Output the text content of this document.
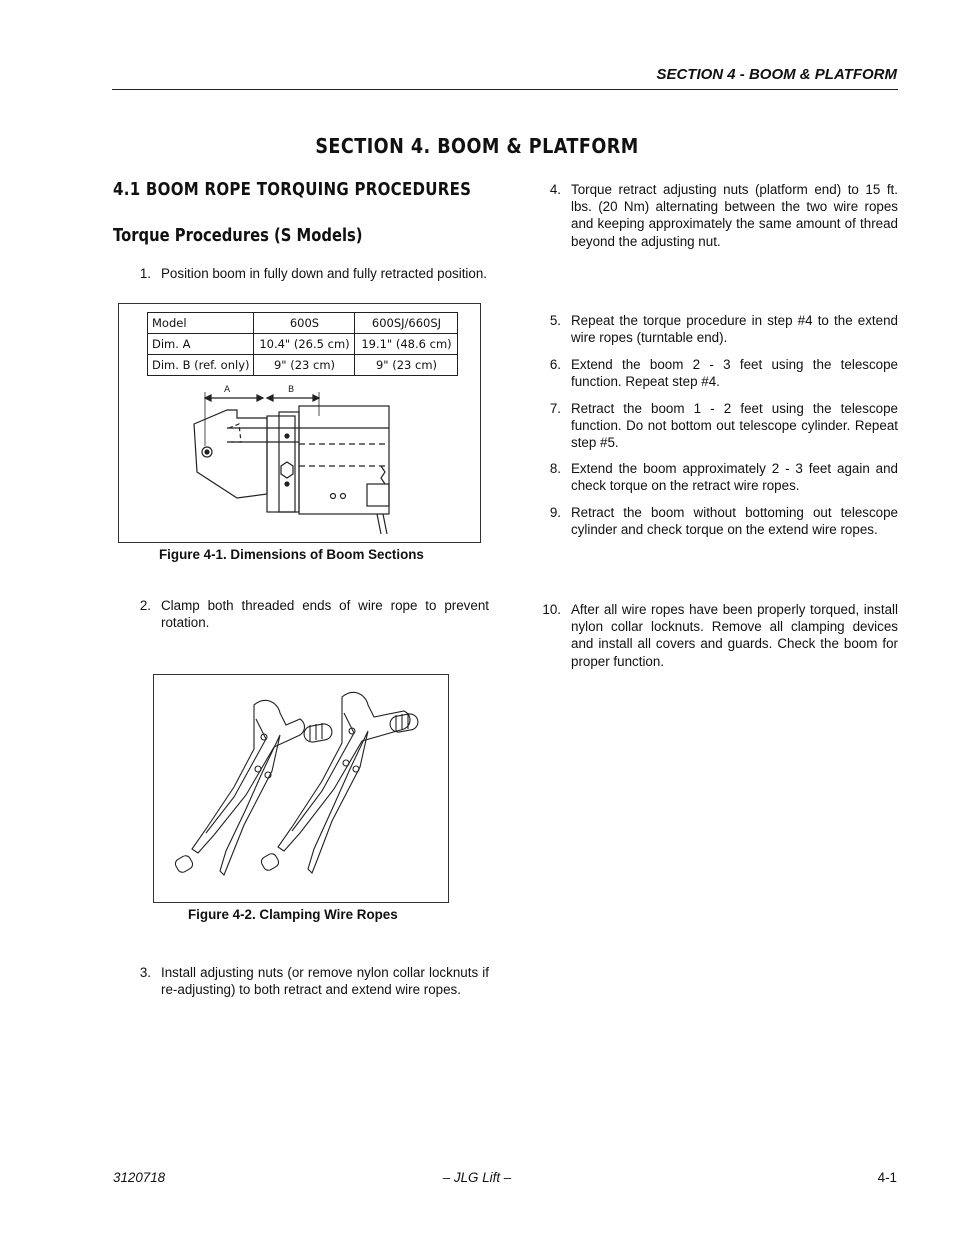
SECTION 4 - BOOM & PLATFORM
SECTION 4. BOOM & PLATFORM
4.1 BOOM ROPE TORQUING PROCEDURES
Torque Procedures (S Models)
1. Position boom in fully down and fully retracted position.
Model	600S	600SJ/660SJ
Dim. A	10.4" (26.5 cm)	19.1" (48.6 cm)
Dim. B (ref. only)	9" (23 cm)	9" (23 cm)
A	B
Figure 4-1. Dimensions of Boom Sections
2. Clamp both threaded ends of wire rope to prevent rotation.
Figure 4-2. Clamping Wire Ropes
3. Install adjusting nuts (or remove nylon collar locknuts if re-adjusting) to both retract and extend wire ropes.
4. Torque retract adjusting nuts (platform end) to 15 ft. lbs. (20 Nm) alternating between the two wire ropes and keeping approximately the same amount of thread beyond the adjusting nut.
5. Repeat the torque procedure in step #4 to the extend wire ropes (turntable end).
6. Extend the boom 2 - 3 feet using the telescope function. Repeat step #4.
7. Retract the boom 1 - 2 feet using the telescope function. Do not bottom out telescope cylinder. Repeat step #5.
8. Extend the boom approximately 2 - 3 feet again and check torque on the retract wire ropes.
9. Retract the boom without bottoming out telescope cylinder and check torque on the extend wire ropes.
10. After all wire ropes have been properly torqued, install nylon collar locknuts. Remove all clamping devices and install all covers and guards. Check the boom for proper function.
3120718	– JLG Lift –	4-1
